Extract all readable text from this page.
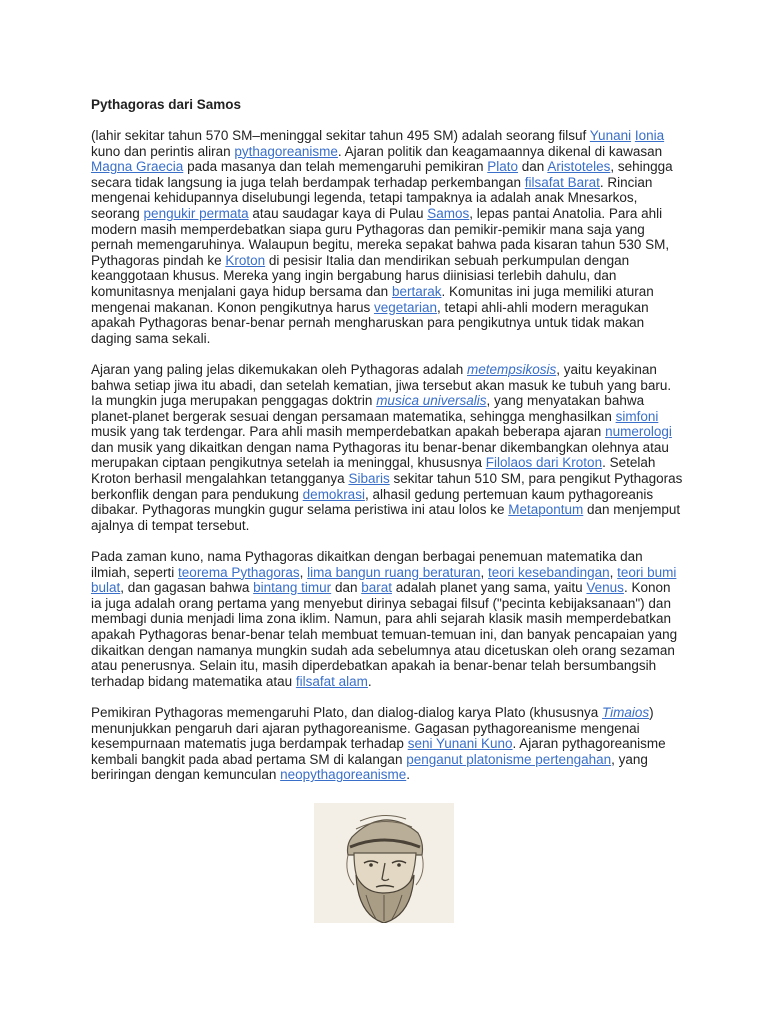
Pythagoras dari Samos

(lahir sekitar tahun 570 SM–meninggal sekitar tahun 495 SM) adalah seorang filsuf Yunani Ionia kuno dan perintis aliran pythagoreanisme. Ajaran politik dan keagamaannya dikenal di kawasan Magna Graecia pada masanya dan telah memengaruhi pemikiran Plato dan Aristoteles, sehingga secara tidak langsung ia juga telah berdampak terhadap perkembangan filsafat Barat. Rincian mengenai kehidupannya diselubungi legenda, tetapi tampaknya ia adalah anak Mnesarkos, seorang pengukir permata atau saudagar kaya di Pulau Samos, lepas pantai Anatolia. Para ahli modern masih memperdebatkan siapa guru Pythagoras dan pemikir-pemikir mana saja yang pernah memengaruhinya. Walaupun begitu, mereka sepakat bahwa pada kisaran tahun 530 SM, Pythagoras pindah ke Kroton di pesisir Italia dan mendirikan sebuah perkumpulan dengan keanggotaan khusus. Mereka yang ingin bergabung harus diinisiasi terlebih dahulu, dan komunitasnya menjalani gaya hidup bersama dan bertarak. Komunitas ini juga memiliki aturan mengenai makanan. Konon pengikutnya harus vegetarian, tetapi ahli-ahli modern meragukan apakah Pythagoras benar-benar pernah mengharuskan para pengikutnya untuk tidak makan daging sama sekali.

Ajaran yang paling jelas dikemukakan oleh Pythagoras adalah metempsikosis, yaitu keyakinan bahwa setiap jiwa itu abadi, dan setelah kematian, jiwa tersebut akan masuk ke tubuh yang baru. Ia mungkin juga merupakan penggagas doktrin musica universalis, yang menyatakan bahwa planet-planet bergerak sesuai dengan persamaan matematika, sehingga menghasilkan simfoni musik yang tak terdengar. Para ahli masih memperdebatkan apakah beberapa ajaran numerologi dan musik yang dikaitkan dengan nama Pythagoras itu benar-benar dikembangkan olehnya atau merupakan ciptaan pengikutnya setelah ia meninggal, khususnya Filolaos dari Kroton. Setelah Kroton berhasil mengalahkan tetangganya Sibaris sekitar tahun 510 SM, para pengikut Pythagoras berkonflik dengan para pendukung demokrasi, alhasil gedung pertemuan kaum pythagoreanis dibakar. Pythagoras mungkin gugur selama peristiwa ini atau lolos ke Metapontum dan menjemput ajalnya di tempat tersebut.

Pada zaman kuno, nama Pythagoras dikaitkan dengan berbagai penemuan matematika dan ilmiah, seperti teorema Pythagoras, lima bangun ruang beraturan, teori kesebandingan, teori bumi bulat, dan gagasan bahwa bintang timur dan barat adalah planet yang sama, yaitu Venus. Konon ia juga adalah orang pertama yang menyebut dirinya sebagai filsuf ("pecinta kebijaksanaan") dan membagi dunia menjadi lima zona iklim. Namun, para ahli sejarah klasik masih memperdebatkan apakah Pythagoras benar-benar telah membuat temuan-temuan ini, dan banyak pencapaian yang dikaitkan dengan namanya mungkin sudah ada sebelumnya atau dicetuskan oleh orang sezaman atau penerusnya. Selain itu, masih diperdebatkan apakah ia benar-benar telah bersumbangsih terhadap bidang matematika atau filsafat alam.

Pemikiran Pythagoras memengaruhi Plato, dan dialog-dialog karya Plato (khususnya Timaios) menunjukkan pengaruh dari ajaran pythagoreanisme. Gagasan pythagoreanisme mengenai kesempurnaan matematis juga berdampak terhadap seni Yunani Kuno. Ajaran pythagoreanisme kembali bangkit pada abad pertama SM di kalangan penganut platonisme pertengahan, yang beriringan dengan kemunculan neopythagoreanisme.
